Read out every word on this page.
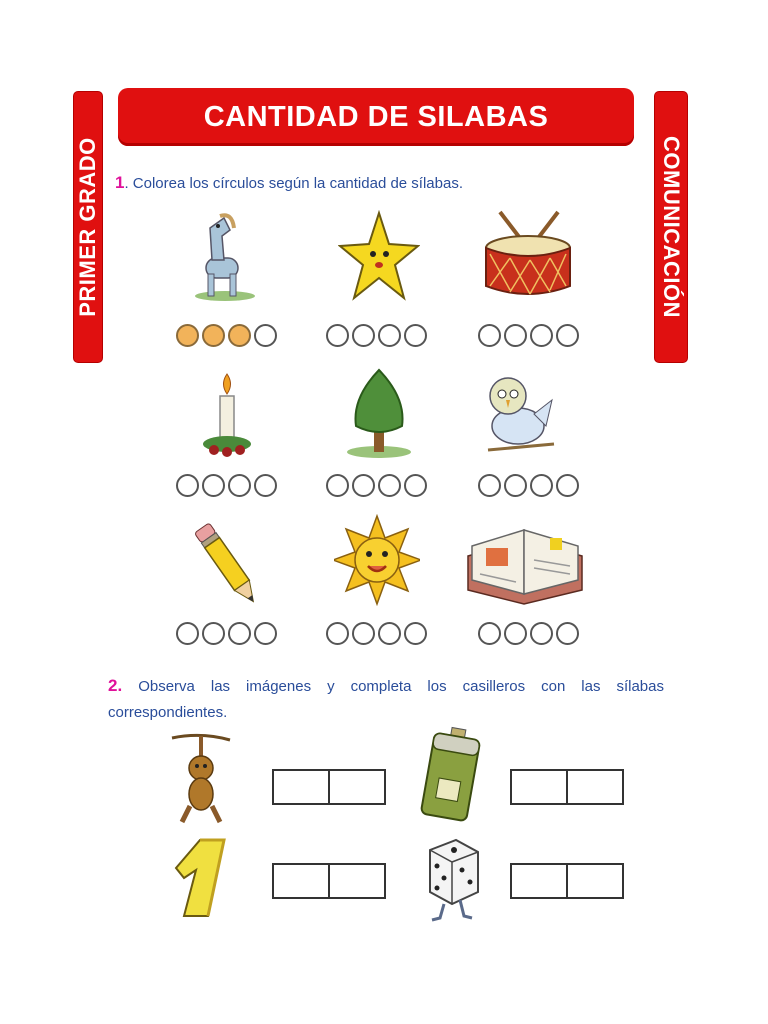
PRIMER GRADO	COMUNICACIÓN
CANTIDAD DE SILABAS
1. Colorea los círculos según la cantidad de sílabas.
2. Observa las imágenes y completa los casilleros con las sílabas correspondientes.
